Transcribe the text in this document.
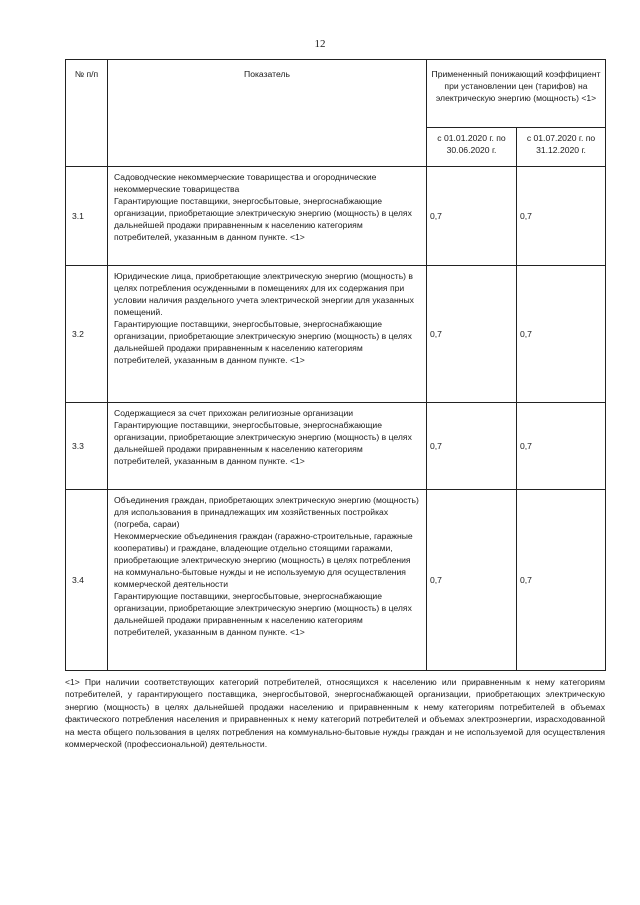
12
№ п/п	Показатель	Примененный понижающий коэффициент при установлении цен (тарифов) на электрическую энергию (мощность) <1>	
		с 01.01.2020 г. по 30.06.2020 г.	с 01.07.2020 г. по 31.12.2020 г.
3.1	Садоводческие некоммерческие товарищества и огороднические некоммерческие товарищества
Гарантирующие поставщики, энергосбытовые, энергоснабжающие организации, приобретающие электрическую энергию (мощность) в целях дальнейшей продажи приравненным к населению категориям потребителей, указанным в данном пункте. <1>	0,7	0,7
3.2	Юридические лица, приобретающие электрическую энергию (мощность) в целях потребления осужденными в помещениях для их содержания при условии наличия раздельного учета электрической энергии для указанных помещений.
Гарантирующие поставщики, энергосбытовые, энергоснабжающие организации, приобретающие электрическую энергию (мощность) в целях дальнейшей продажи приравненным к населению категориям потребителей, указанным в данном пункте. <1>	0,7	0,7
3.3	Содержащиеся за счет прихожан религиозные организации
Гарантирующие поставщики, энергосбытовые, энергоснабжающие организации, приобретающие электрическую энергию (мощность) в целях дальнейшей продажи приравненным к населению категориям потребителей, указанным в данном пункте. <1>	0,7	0,7
3.4	Объединения граждан, приобретающих электрическую энергию (мощность) для использования в принадлежащих им хозяйственных постройках (погреба, сараи)
Некоммерческие объединения граждан (гаражно-строительные, гаражные кооперативы) и граждане, владеющие отдельно стоящими гаражами, приобретающие электрическую энергию (мощность) в целях потребления на коммунально-бытовые нужды и не используемую для осуществления коммерческой деятельности
Гарантирующие поставщики, энергосбытовые, энергоснабжающие организации, приобретающие электрическую энергию (мощность) в целях дальнейшей продажи приравненным к населению категориям потребителей, указанным в данном пункте. <1>	0,7	0,7
<1> При наличии соответствующих категорий потребителей, относящихся к населению или приравненным к нему категориям потребителей, у гарантирующего поставщика, энергосбытовой, энергоснабжающей организации, приобретающих электрическую энергию (мощность) в целях дальнейшей продажи населению и приравненным к нему категориям потребителей в объемах фактического потребления населения и приравненных к нему категорий потребителей и объемах электроэнергии, израсходованной на места общего пользования в целях потребления на коммунально-бытовые нужды граждан и не используемой для осуществления коммерческой (профессиональной) деятельности.
